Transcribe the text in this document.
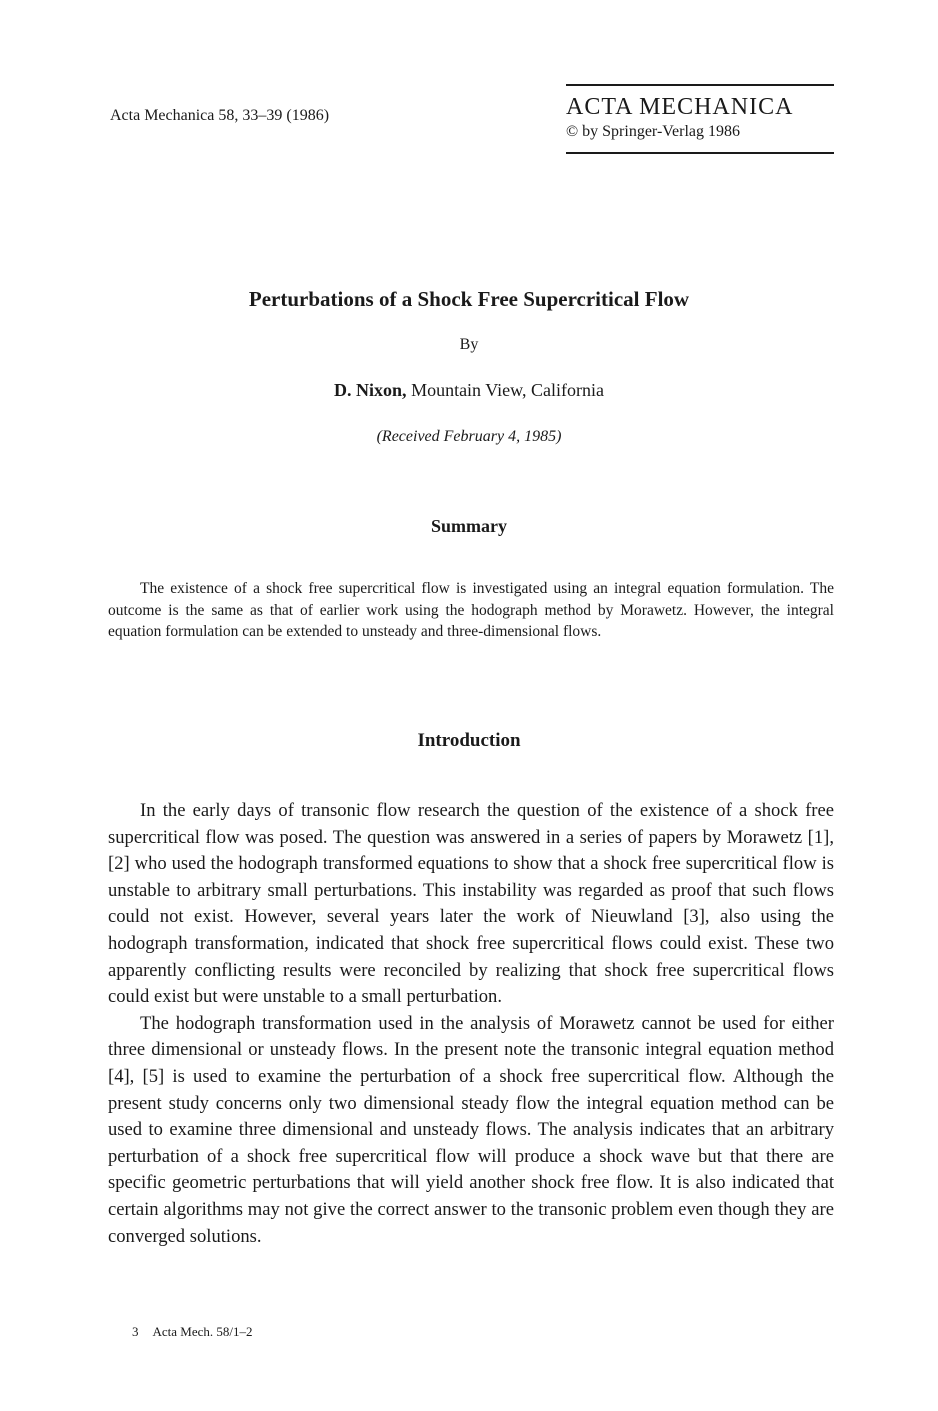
Acta Mechanica 58, 33–39 (1986)	ACTA MECHANICA
© by Springer-Verlag 1986
Perturbations of a Shock Free Supercritical Flow
By
D. Nixon, Mountain View, California
(Received February 4, 1985)
Summary
The existence of a shock free supercritical flow is investigated using an integral equation formulation. The outcome is the same as that of earlier work using the hodograph method by Morawetz. However, the integral equation formulation can be extended to unsteady and three-dimensional flows.
Introduction

In the early days of transonic flow research the question of the existence of a shock free supercritical flow was posed. The question was answered in a series of papers by Morawetz [1], [2] who used the hodograph transformed equations to show that a shock free supercritical flow is unstable to arbitrary small perturbations. This instability was regarded as proof that such flows could not exist. However, several years later the work of Nieuwland [3], also using the hodograph transformation, indicated that shock free supercritical flows could exist. These two apparently conflicting results were reconciled by realizing that shock free supercritical flows could exist but were unstable to a small perturbation.

The hodograph transformation used in the analysis of Morawetz cannot be used for either three dimensional or unsteady flows. In the present note the transonic integral equation method [4], [5] is used to examine the perturbation of a shock free supercritical flow. Although the present study concerns only two dimensional steady flow the integral equation method can be used to examine three dimensional and unsteady flows. The analysis indicates that an arbitrary perturbation of a shock free supercritical flow will produce a shock wave but that there are specific geometric perturbations that will yield another shock free flow. It is also indicated that certain algorithms may not give the correct answer to the transonic problem even though they are converged solutions.

3 Acta Mech. 58/1–2
